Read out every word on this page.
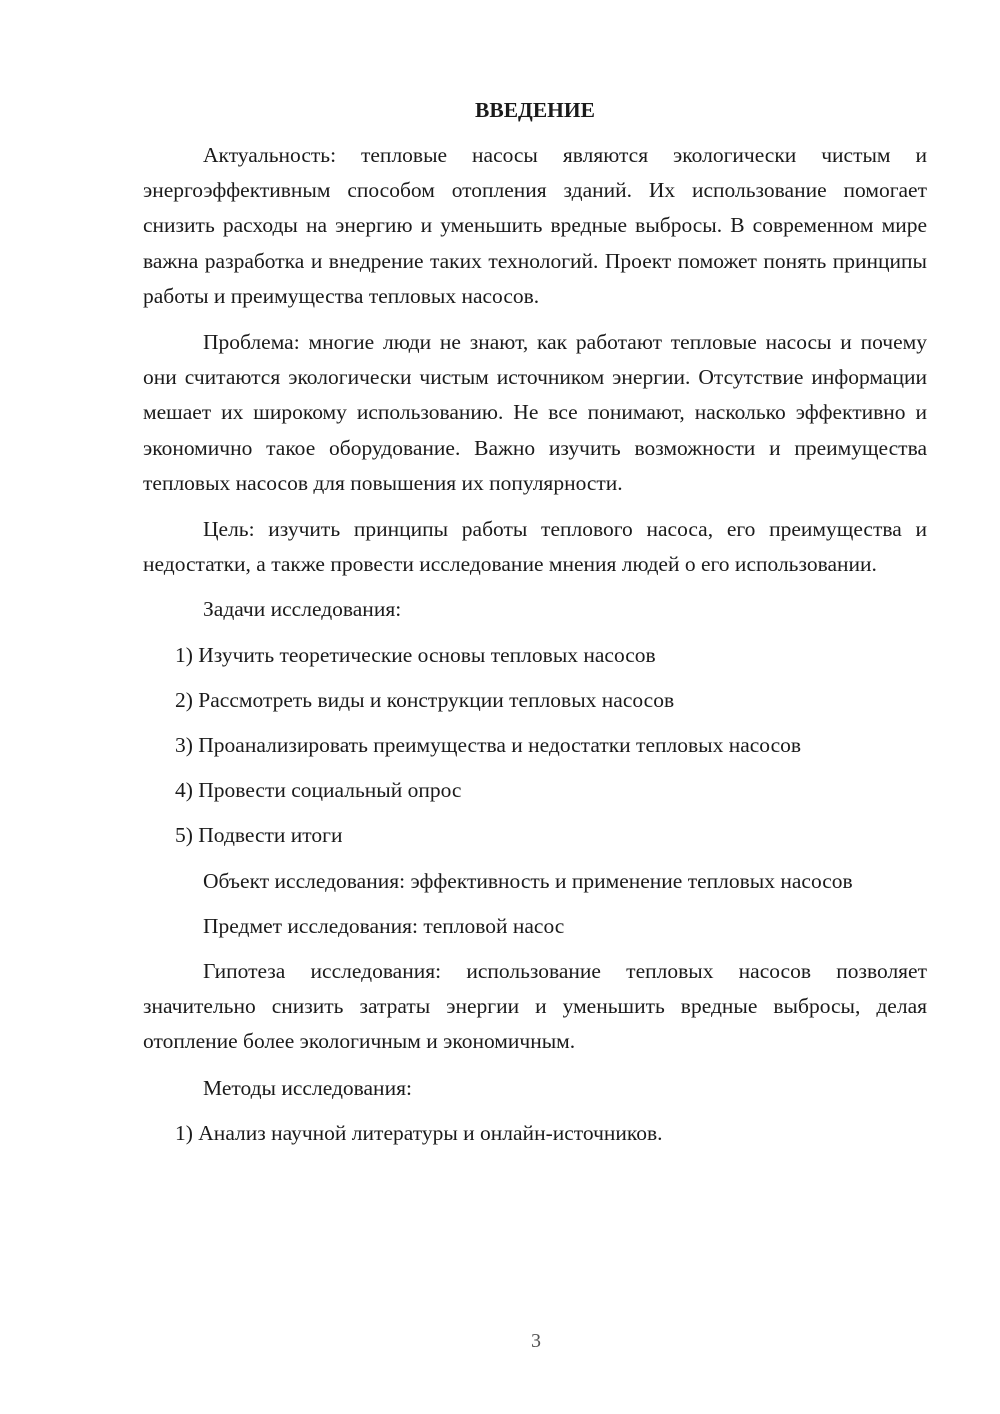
ВВЕДЕНИЕ

Актуальность: тепловые насосы являются экологически чистым и энергоэффективным способом отопления зданий. Их использование помогает снизить расходы на энергию и уменьшить вредные выбросы. В современном мире важна разработка и внедрение таких технологий. Проект поможет понять принципы работы и преимущества тепловых насосов.

Проблема: многие люди не знают, как работают тепловые насосы и почему они считаются экологически чистым источником энергии. Отсутствие информации мешает их широкому использованию. Не все понимают, насколько эффективно и экономично такое оборудование. Важно изучить возможности и преимущества тепловых насосов для повышения их популярности.

Цель: изучить принципы работы теплового насоса, его преимущества и недостатки, а также провести исследование мнения людей о его использовании.

Задачи исследования:

1) Изучить теоретические основы тепловых насосов

2) Рассмотреть виды и конструкции тепловых насосов

3) Проанализировать преимущества и недостатки тепловых насосов

4) Провести социальный опрос

5) Подвести итоги

Объект исследования: эффективность и применение тепловых насосов

Предмет исследования: тепловой насос

Гипотеза исследования: использование тепловых насосов позволяет значительно снизить затраты энергии и уменьшить вредные выбросы, делая отопление более экологичным и экономичным.

Методы исследования:

1) Анализ научной литературы и онлайн-источников.

3
